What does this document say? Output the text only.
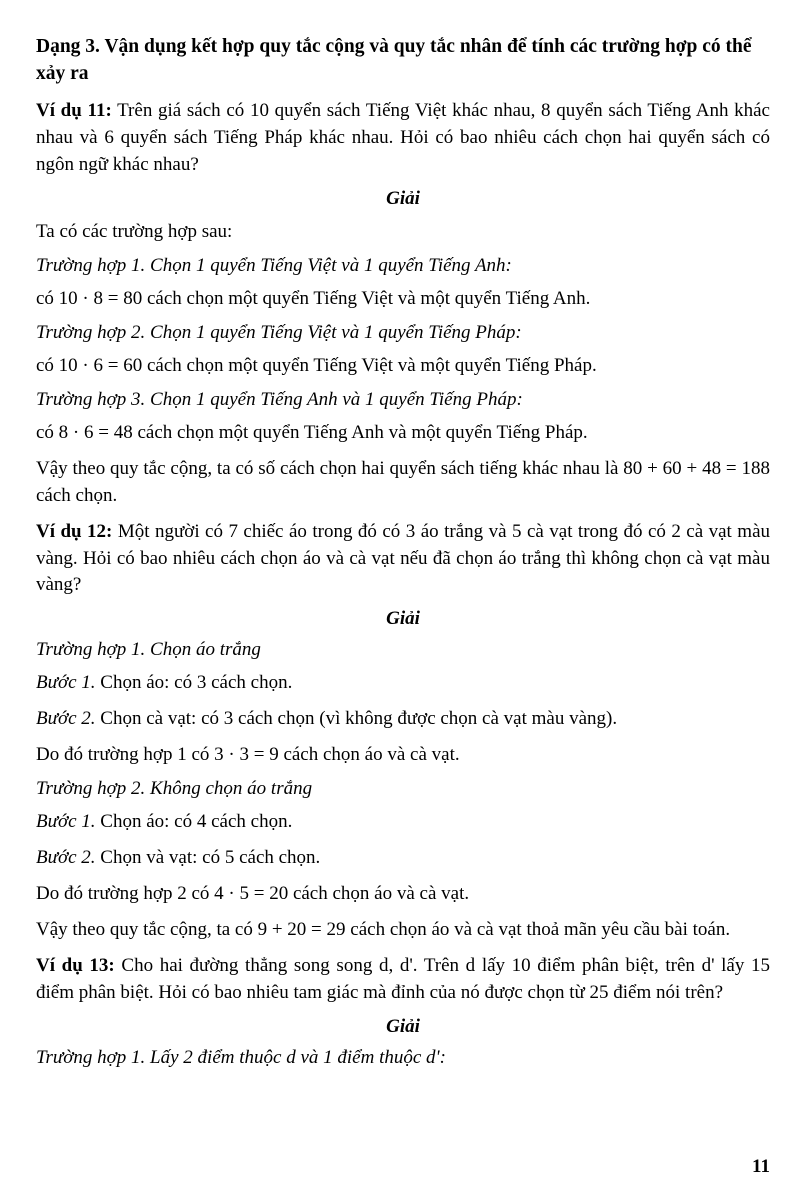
Dạng 3. Vận dụng kết hợp quy tắc cộng và quy tắc nhân để tính các trường hợp có thể xảy ra

Ví dụ 11: Trên giá sách có 10 quyển sách Tiếng Việt khác nhau, 8 quyển sách Tiếng Anh khác nhau và 6 quyển sách Tiếng Pháp khác nhau. Hỏi có bao nhiêu cách chọn hai quyển sách có ngôn ngữ khác nhau?

Giải

Ta có các trường hợp sau:

Trường hợp 1. Chọn 1 quyển Tiếng Việt và 1 quyển Tiếng Anh:

có 10 · 8 = 80 cách chọn một quyển Tiếng Việt và một quyển Tiếng Anh.

Trường hợp 2. Chọn 1 quyển Tiếng Việt và 1 quyển Tiếng Pháp:

có 10 · 6 = 60 cách chọn một quyển Tiếng Việt và một quyển Tiếng Pháp.

Trường hợp 3. Chọn 1 quyển Tiếng Anh và 1 quyển Tiếng Pháp:

có 8 · 6 = 48 cách chọn một quyển Tiếng Anh và một quyển Tiếng Pháp.

Vậy theo quy tắc cộng, ta có số cách chọn hai quyển sách tiếng khác nhau là 80 + 60 + 48 = 188 cách chọn.

Ví dụ 12: Một người có 7 chiếc áo trong đó có 3 áo trắng và 5 cà vạt trong đó có 2 cà vạt màu vàng. Hỏi có bao nhiêu cách chọn áo và cà vạt nếu đã chọn áo trắng thì không chọn cà vạt màu vàng?

Giải
Trường hợp 1. Chọn áo trắng

Bước 1. Chọn áo: có 3 cách chọn.

Bước 2. Chọn cà vạt: có 3 cách chọn (vì không được chọn cà vạt màu vàng).

Do đó trường hợp 1 có 3 · 3 = 9 cách chọn áo và cà vạt.

Trường hợp 2. Không chọn áo trắng

Bước 1. Chọn áo: có 4 cách chọn.

Bước 2. Chọn và vạt: có 5 cách chọn.

Do đó trường hợp 2 có 4 · 5 = 20 cách chọn áo và cà vạt.

Vậy theo quy tắc cộng, ta có 9 + 20 = 29 cách chọn áo và cà vạt thoả mãn yêu cầu bài toán.

Ví dụ 13: Cho hai đường thẳng song song d, d'. Trên d lấy 10 điểm phân biệt, trên d' lấy 15 điểm phân biệt. Hỏi có bao nhiêu tam giác mà đỉnh của nó được chọn từ 25 điểm nói trên?

Giải
Trường hợp 1. Lấy 2 điểm thuộc d và 1 điểm thuộc d':
11
